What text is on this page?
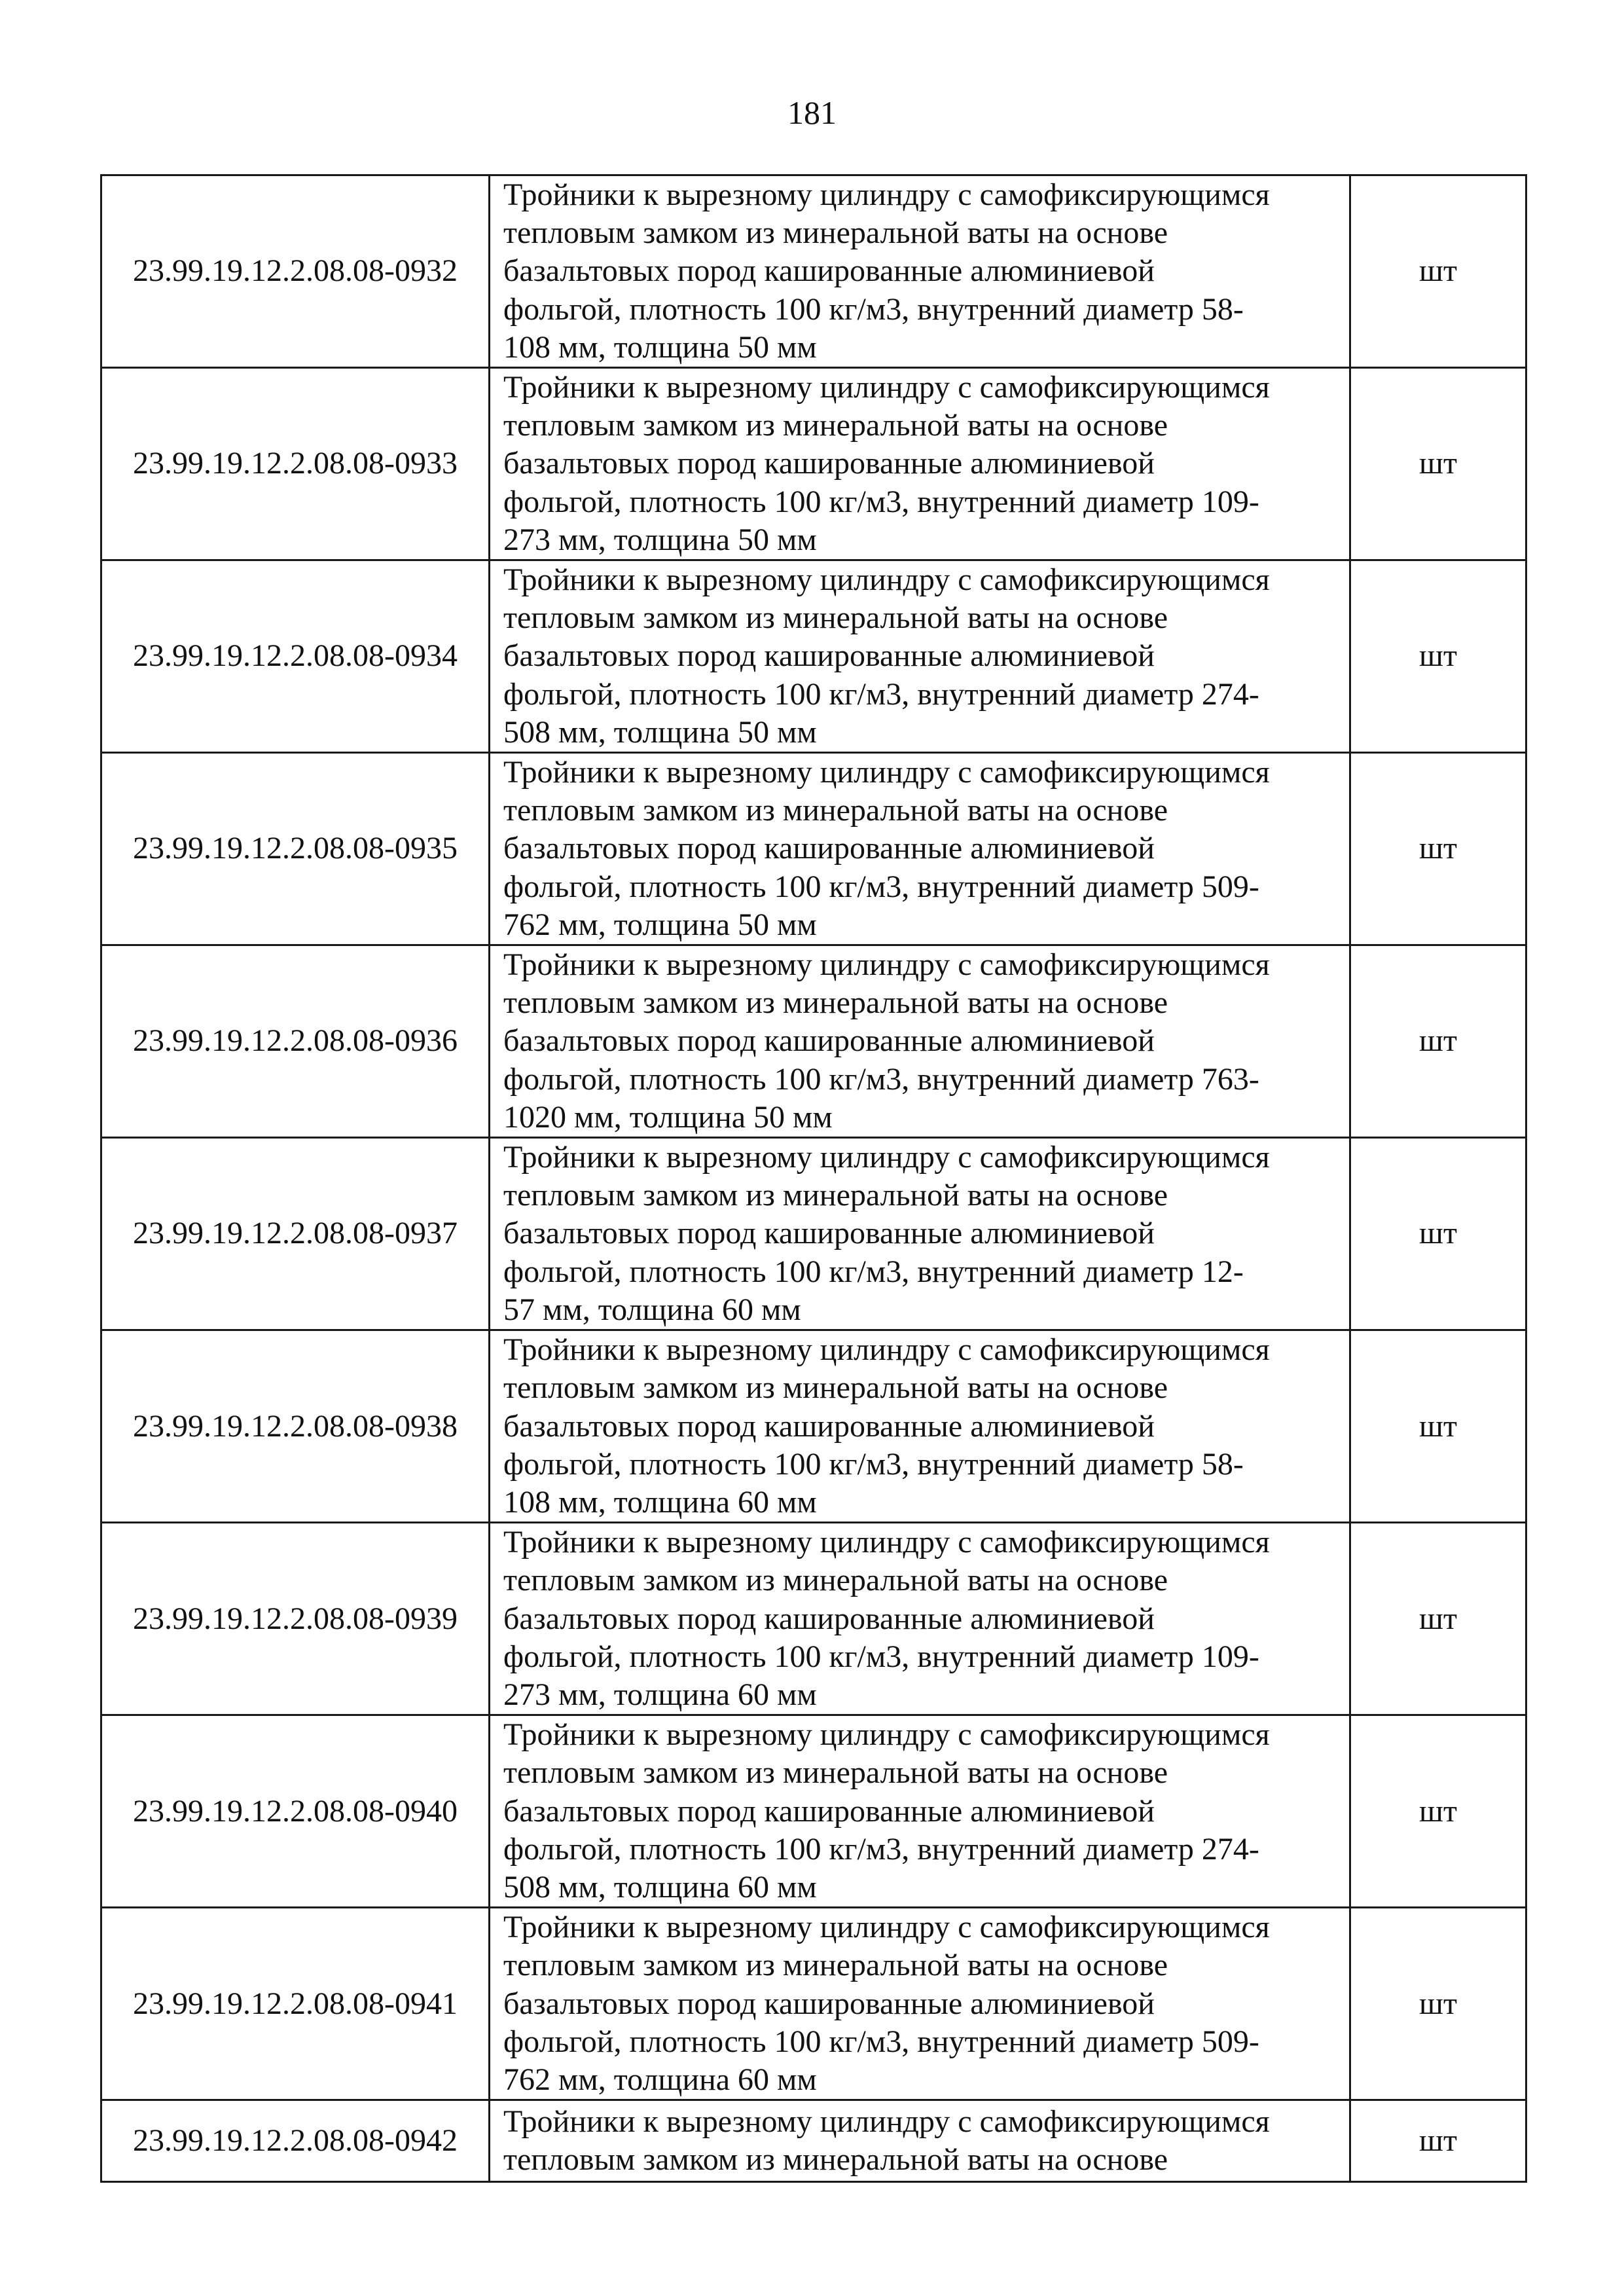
181
23.99.19.12.2.08.08-0932	Тройники к вырезному цилиндру с самофиксирующимся
тепловым замком из минеральной ваты на основе
базальтовых пород кашированные алюминиевой
фольгой, плотность 100 кг/м3, внутренний диаметр 58-
108 мм, толщина 50 мм	шт
23.99.19.12.2.08.08-0933	Тройники к вырезному цилиндру с самофиксирующимся
тепловым замком из минеральной ваты на основе
базальтовых пород кашированные алюминиевой
фольгой, плотность 100 кг/м3, внутренний диаметр 109-
273 мм, толщина 50 мм	шт
23.99.19.12.2.08.08-0934	Тройники к вырезному цилиндру с самофиксирующимся
тепловым замком из минеральной ваты на основе
базальтовых пород кашированные алюминиевой
фольгой, плотность 100 кг/м3, внутренний диаметр 274-
508 мм, толщина 50 мм	шт
23.99.19.12.2.08.08-0935	Тройники к вырезному цилиндру с самофиксирующимся
тепловым замком из минеральной ваты на основе
базальтовых пород кашированные алюминиевой
фольгой, плотность 100 кг/м3, внутренний диаметр 509-
762 мм, толщина 50 мм	шт
23.99.19.12.2.08.08-0936	Тройники к вырезному цилиндру с самофиксирующимся
тепловым замком из минеральной ваты на основе
базальтовых пород кашированные алюминиевой
фольгой, плотность 100 кг/м3, внутренний диаметр 763-
1020 мм, толщина 50 мм	шт
23.99.19.12.2.08.08-0937	Тройники к вырезному цилиндру с самофиксирующимся
тепловым замком из минеральной ваты на основе
базальтовых пород кашированные алюминиевой
фольгой, плотность 100 кг/м3, внутренний диаметр 12-
57 мм, толщина 60 мм	шт
23.99.19.12.2.08.08-0938	Тройники к вырезному цилиндру с самофиксирующимся
тепловым замком из минеральной ваты на основе
базальтовых пород кашированные алюминиевой
фольгой, плотность 100 кг/м3, внутренний диаметр 58-
108 мм, толщина 60 мм	шт
23.99.19.12.2.08.08-0939	Тройники к вырезному цилиндру с самофиксирующимся
тепловым замком из минеральной ваты на основе
базальтовых пород кашированные алюминиевой
фольгой, плотность 100 кг/м3, внутренний диаметр 109-
273 мм, толщина 60 мм	шт
23.99.19.12.2.08.08-0940	Тройники к вырезному цилиндру с самофиксирующимся
тепловым замком из минеральной ваты на основе
базальтовых пород кашированные алюминиевой
фольгой, плотность 100 кг/м3, внутренний диаметр 274-
508 мм, толщина 60 мм	шт
23.99.19.12.2.08.08-0941	Тройники к вырезному цилиндру с самофиксирующимся
тепловым замком из минеральной ваты на основе
базальтовых пород кашированные алюминиевой
фольгой, плотность 100 кг/м3, внутренний диаметр 509-
762 мм, толщина 60 мм	шт
23.99.19.12.2.08.08-0942	Тройники к вырезному цилиндру с самофиксирующимся
тепловым замком из минеральной ваты на основе	шт
